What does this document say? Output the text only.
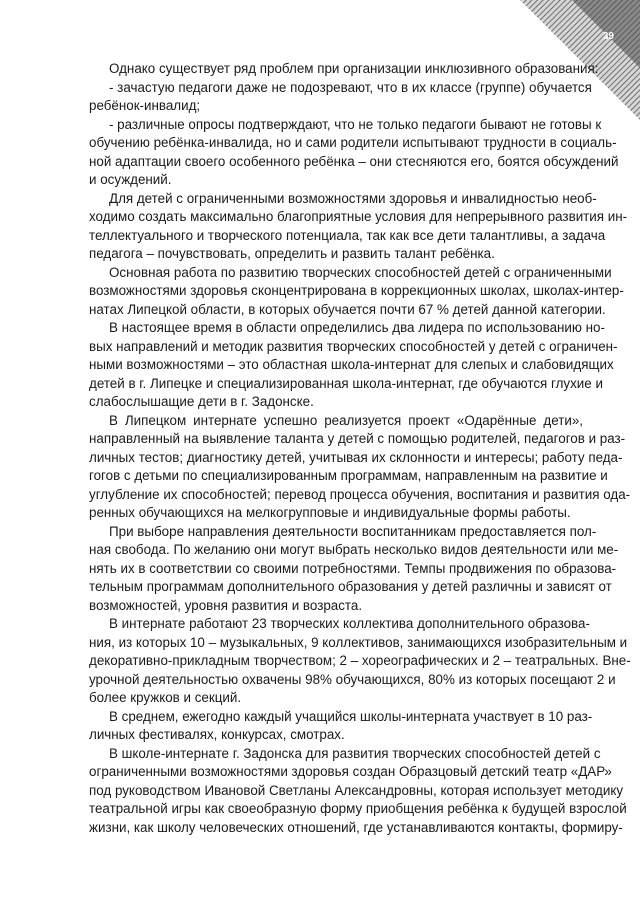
39
Однако существует ряд проблем при организации инклюзивного образования:
- зачастую педагоги даже не подозревают, что в их классе (группе) обучается
ребёнок-инвалид;
- различные опросы подтверждают, что не только педагоги бывают не готовы к
обучению ребёнка-инвалида, но и сами родители испытывают трудности в социаль-
ной адаптации своего особенного ребёнка – они стесняются его, боятся обсуждений
и осуждений.
Для детей с ограниченными возможностями здоровья и инвалидностью необ-
ходимо создать максимально благоприятные условия для непрерывного развития ин-
теллектуального и творческого потенциала, так как все дети талантливы, а задача
педагога – почувствовать, определить и развить талант ребёнка.
Основная работа по развитию творческих способностей детей с ограниченными
возможностями здоровья сконцентрирована в коррекционных школах, школах-интер-
натах Липецкой области, в которых обучается почти 67 % детей данной категории.
В настоящее время в области определились два лидера по использованию но-
вых направлений и методик развития творческих способностей у детей с ограничен-
ными возможностями – это областная школа-интернат для слепых и слабовидящих
детей в г. Липецке и специализированная школа-интернат, где обучаются глухие и
слабослышащие дети в г. Задонске.
В Липецком интернате успешно реализуется проект «Одарённые дети»,
направленный на выявление таланта у детей с помощью родителей, педагогов и раз-
личных тестов; диагностику детей, учитывая их склонности и интересы; работу педа-
гогов с детьми по специализированным программам, направленным на развитие и
углубление их способностей; перевод процесса обучения, воспитания и развития ода-
ренных обучающихся на мелкогрупповые и индивидуальные формы работы.
При выборе направления деятельности воспитанникам предоставляется пол-
ная свобода. По желанию они могут выбрать несколько видов деятельности или ме-
нять их в соответствии со своими потребностями. Темпы продвижения по образова-
тельным программам дополнительного образования у детей различны и зависят от
возможностей, уровня развития и возраста.
В интернате работают 23 творческих коллектива дополнительного образова-
ния, из которых 10 – музыкальных, 9 коллективов, занимающихся изобразительным и
декоративно-прикладным творчеством; 2 – хореографических и 2 – театральных. Вне-
урочной деятельностью охвачены 98% обучающихся, 80% из которых посещают 2 и
более кружков и секций.
В среднем, ежегодно каждый учащийся школы-интерната участвует в 10 раз-
личных фестивалях, конкурсах, смотрах.
В школе-интернате г. Задонска для развития творческих способностей детей с
ограниченными возможностями здоровья создан Образцовый детский театр «ДАР»
под руководством Ивановой Светланы Александровны, которая использует методику
театральной игры как своеобразную форму приобщения ребёнка к будущей взрослой
жизни, как школу человеческих отношений, где устанавливаются контакты, формиру-
